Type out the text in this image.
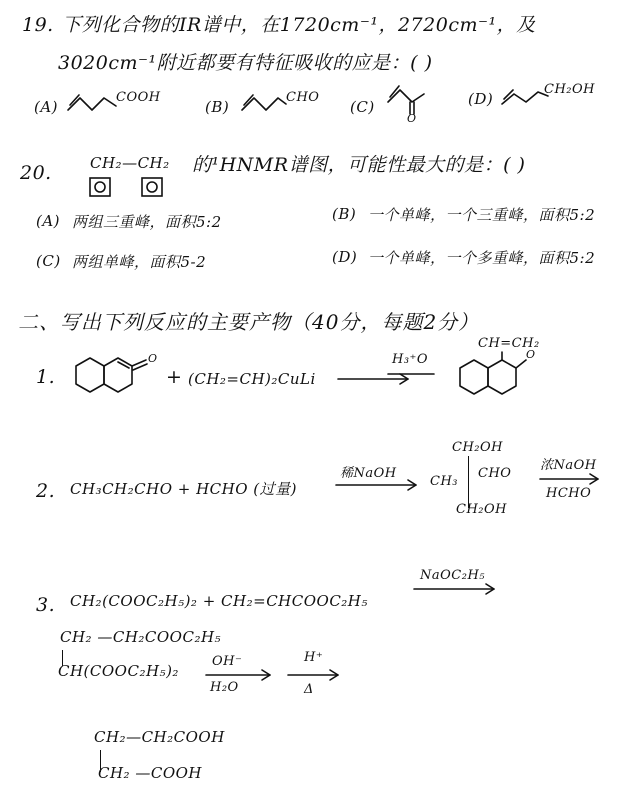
19. 下列化合物的IR谱中，在1720cm⁻¹，2720cm⁻¹，及
3020cm⁻¹附近都要有特征吸收的应是：( )
(A)
COOH
(B)
CHO
(C)
O
(D)
CH₂OH
20.	CH₂—CH₂ 的¹HNMR谱图，可能性最大的是：( )
(A) 两组三重峰，面积5:2	(B) 一个单峰，一个三重峰，面积5:2
(C) 两组单峰，面积5-2	(D) 一个单峰，一个多重峰，面积5:2
二、写出下列反应的主要产物（40分，每题2分）
1.
O
+ (CH₂=CH)₂CuLi
H₃⁺O
CH=CH₂
O
2. CH₃CH₂CHO + HCHO (过量)
稀NaOH
CH₂OH
CH₃
CHO
CH₂OH
浓NaOH
HCHO
3. CH₂(COOC₂H₅)₂ + CH₂=CHCOOC₂H₅
NaOC₂H₅
CH₂ —CH₂COOC₂H₅
CH(COOC₂H₅)₂
OH⁻
H₂O
H⁺
Δ
CH₂—CH₂COOH
CH₂ —COOH
